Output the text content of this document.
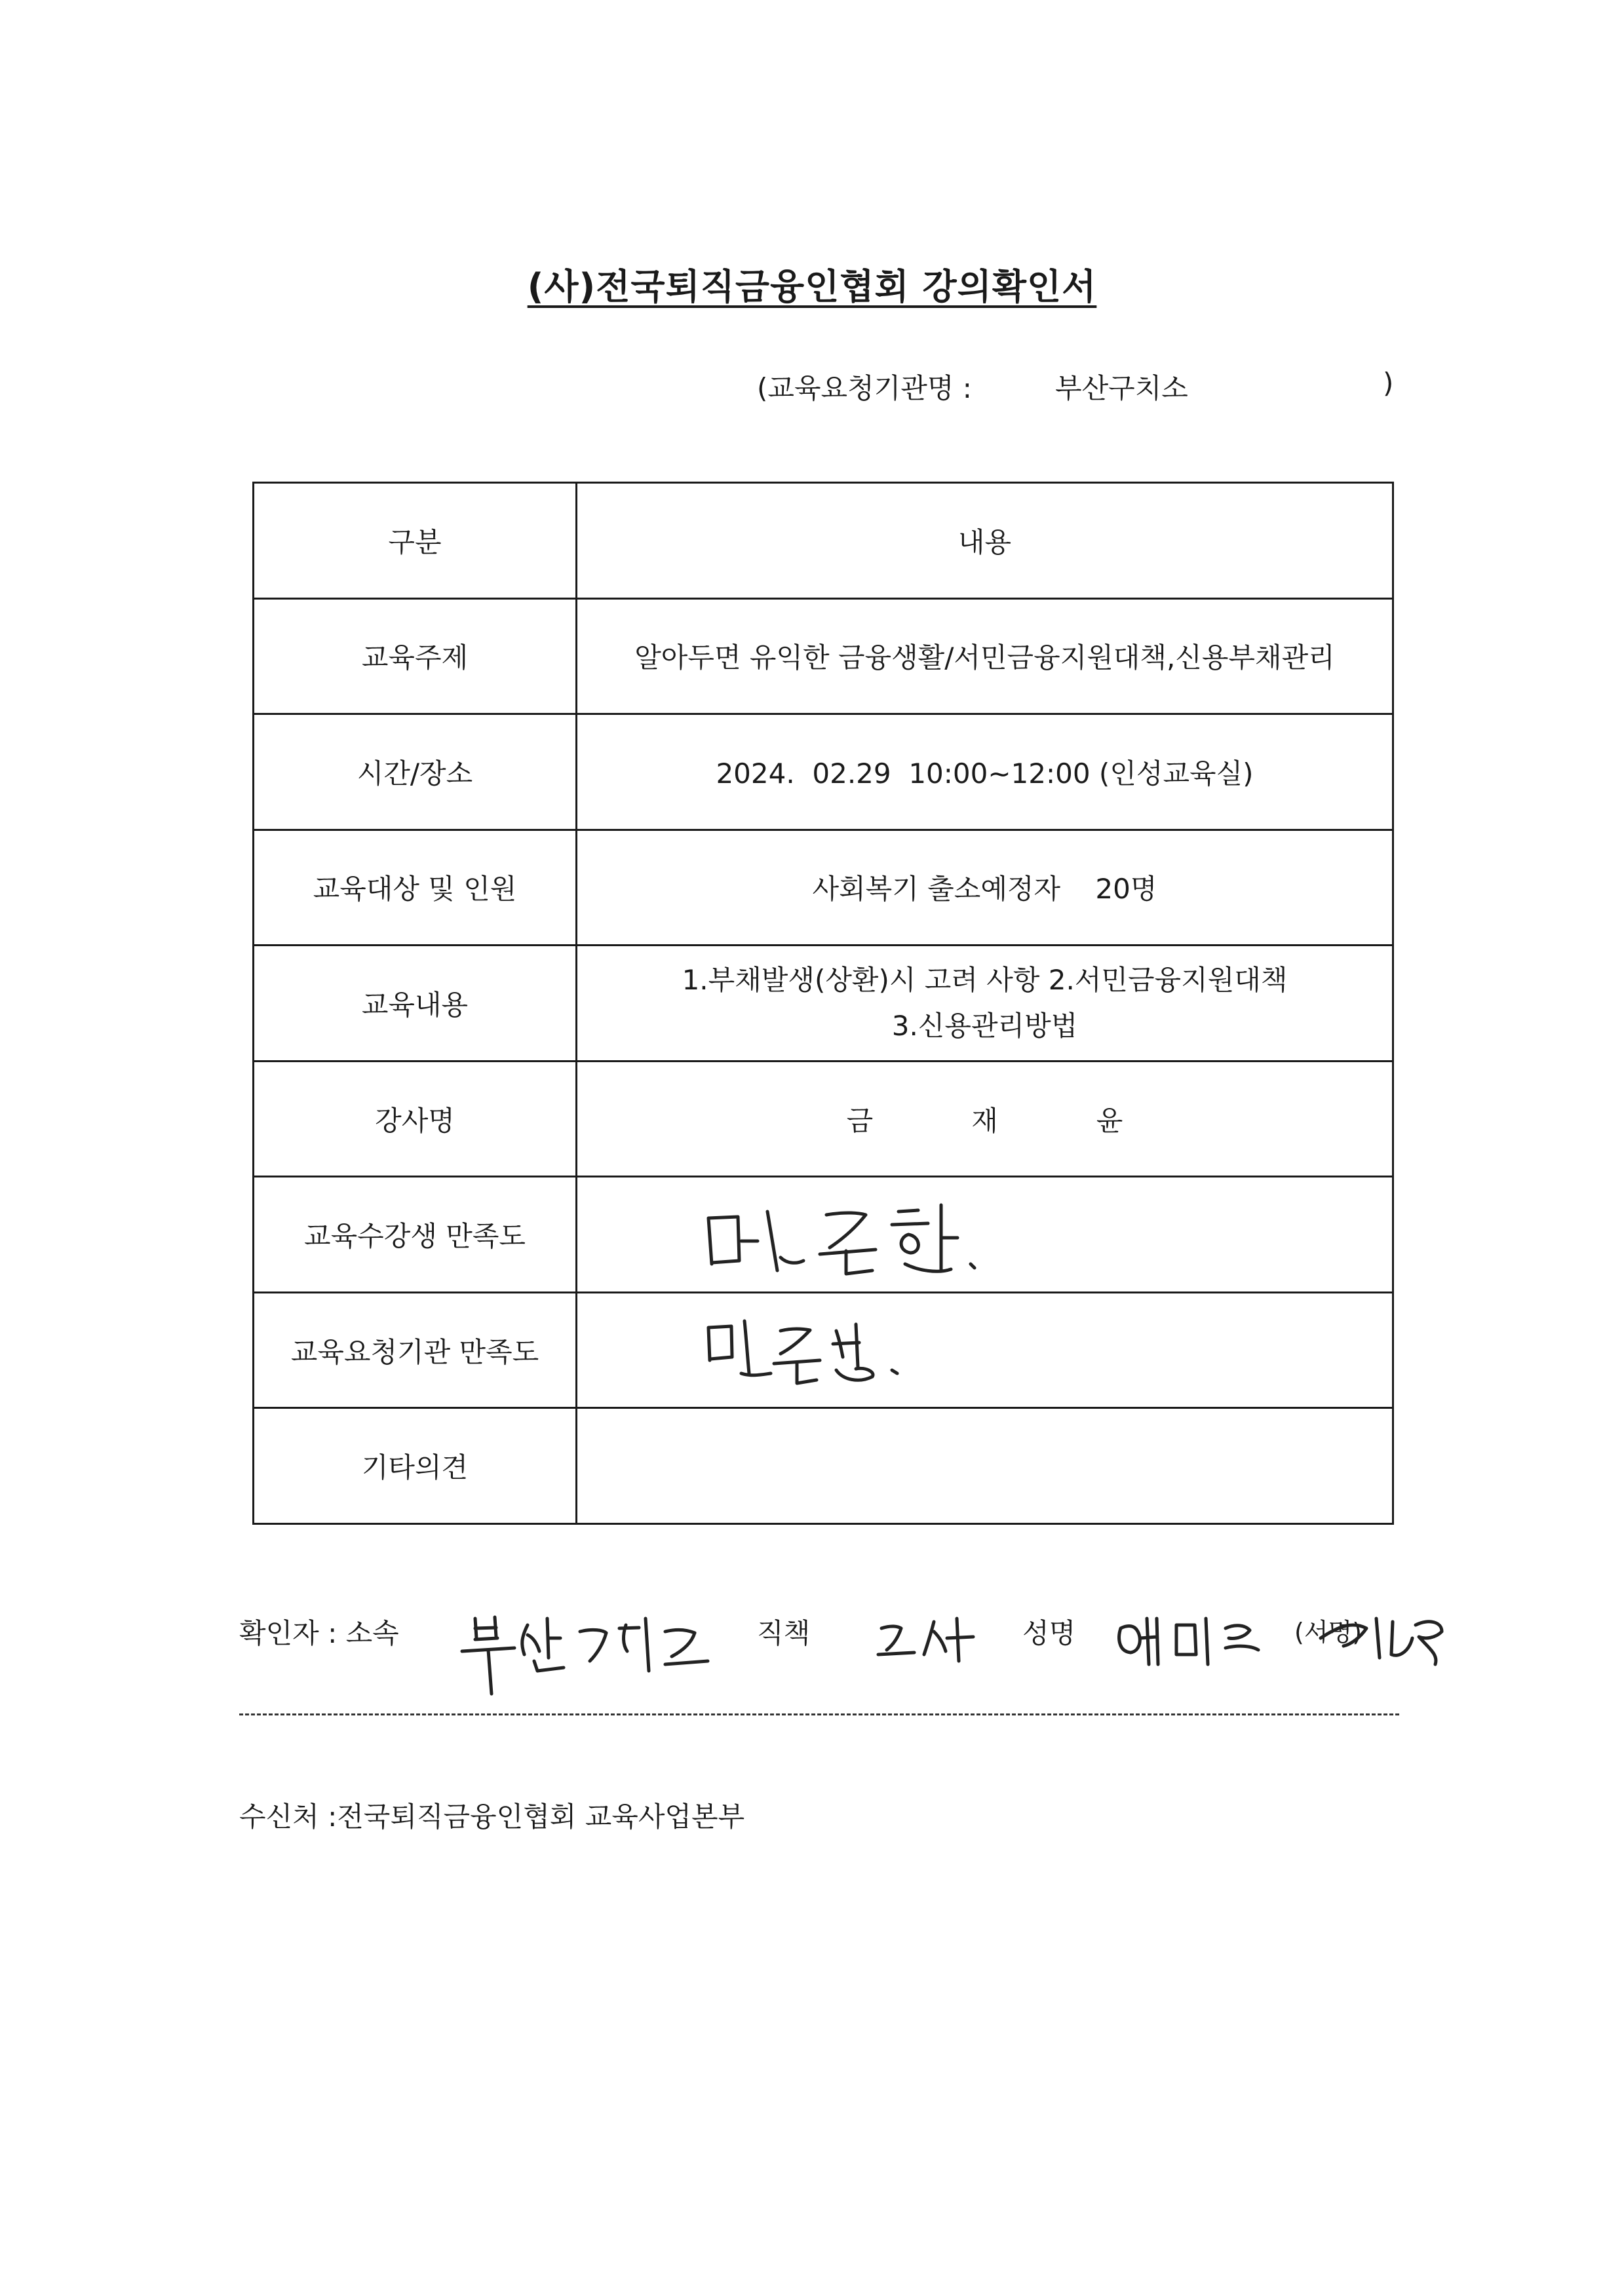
(사)전국퇴직금융인협회 강의확인서
(교육요청기관명 :	부산구치소	)
구분	내용
교육주제	알아두면 유익한 금융생활/서민금융지원대책,신용부채관리
시간/장소	2024.  02.29  10:00~12:00 (인성교육실)
교육대상 및 인원	사회복기 출소예정자    20명
교육내용	1.부채발생(상환)시 고려 사항 2.서민금융지원대책
3.신용관리방법

강사명	금재윤
교육수강생 만족도	

교육요청기관 만족도	

기타의견	
확인자 : 소속	직책	성명	(서명)
수신처 :전국퇴직금융인협회 교육사업본부
